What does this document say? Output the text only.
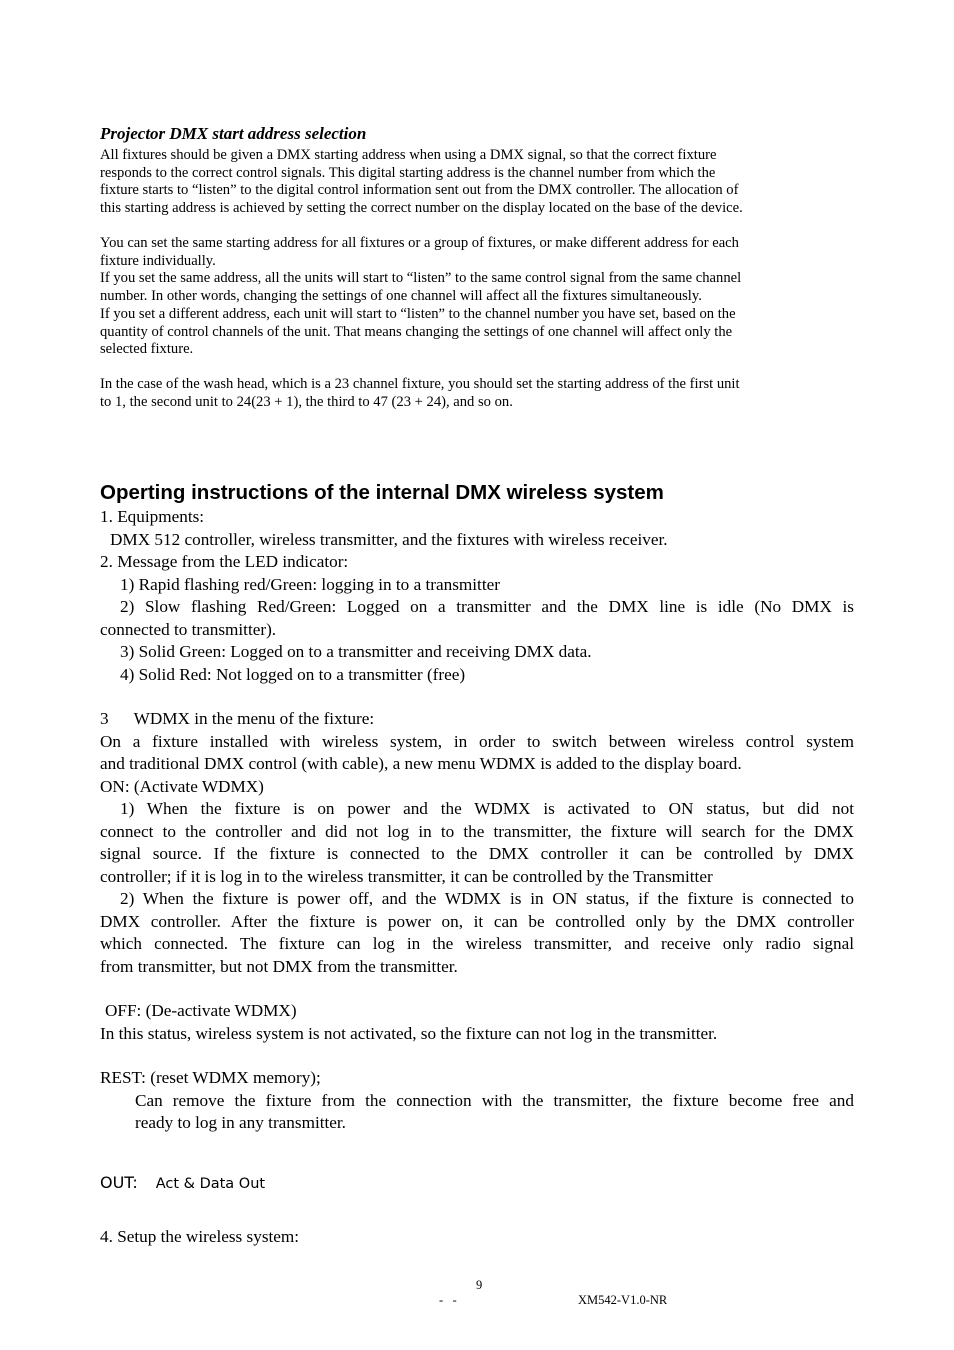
Projector DMX start address selection
All fixtures should be given a DMX starting address when using a DMX signal, so that the correct fixture
responds to the correct control signals. This digital starting address is the channel number from which the
fixture starts to “listen” to the digital control information sent out from the DMX controller. The allocation of
this starting address is achieved by setting the correct number on the display located on the base of the device.
You can set the same starting address for all fixtures or a group of fixtures, or make different address for each
fixture individually.
If you set the same address, all the units will start to “listen” to the same control signal from the same channel
number. In other words, changing the settings of one channel will affect all the fixtures simultaneously.
If you set a different address, each unit will start to “listen” to the channel number you have set, based on the
quantity of control channels of the unit. That means changing the settings of one channel will affect only the
selected fixture.
In the case of the wash head, which is a 23 channel fixture, you should set the starting address of the first unit
to 1, the second unit to 24(23 + 1), the third to 47 (23 + 24), and so on.
Operting instructions of the internal DMX wireless system
1. Equipments:
DMX 512 controller, wireless transmitter, and the fixtures with wireless receiver.
2. Message from the LED indicator:
1) Rapid flashing red/Green: logging in to a transmitter
2) Slow flashing Red/Green: Logged on a transmitter and the DMX line is idle (No DMX is
connected to transmitter).
3) Solid Green: Logged on to a transmitter and receiving DMX data.
4) Solid Red: Not logged on to a transmitter (free)
3 WDMX in the menu of the fixture:
On a fixture installed with wireless system, in order to switch between wireless control system
and traditional DMX control (with cable), a new menu WDMX is added to the display board.
ON: (Activate WDMX)
1) When the fixture is on power and the WDMX is activated to ON status, but did not
connect to the controller and did not log in to the transmitter, the fixture will search for the DMX
signal source. If the fixture is connected to the DMX controller it can be controlled by DMX
controller; if it is log in to the wireless transmitter, it can be controlled by the Transmitter
2) When the fixture is power off, and the WDMX is in ON status, if the fixture is connected to
DMX controller. After the fixture is power on, it can be controlled only by the DMX controller
which connected. The fixture can log in the wireless transmitter, and receive only radio signal
from transmitter, but not DMX from the transmitter.
OFF: (De-activate WDMX)
In this status, wireless system is not activated, so the fixture can not log in the transmitter.
REST: (reset WDMX memory);
Can remove the fixture from the connection with the transmitter, the fixture become free and
ready to log in any transmitter.
OUT: Act & Data Out
4. Setup the wireless system:
9
-   -	XM542-V1.0-NR
